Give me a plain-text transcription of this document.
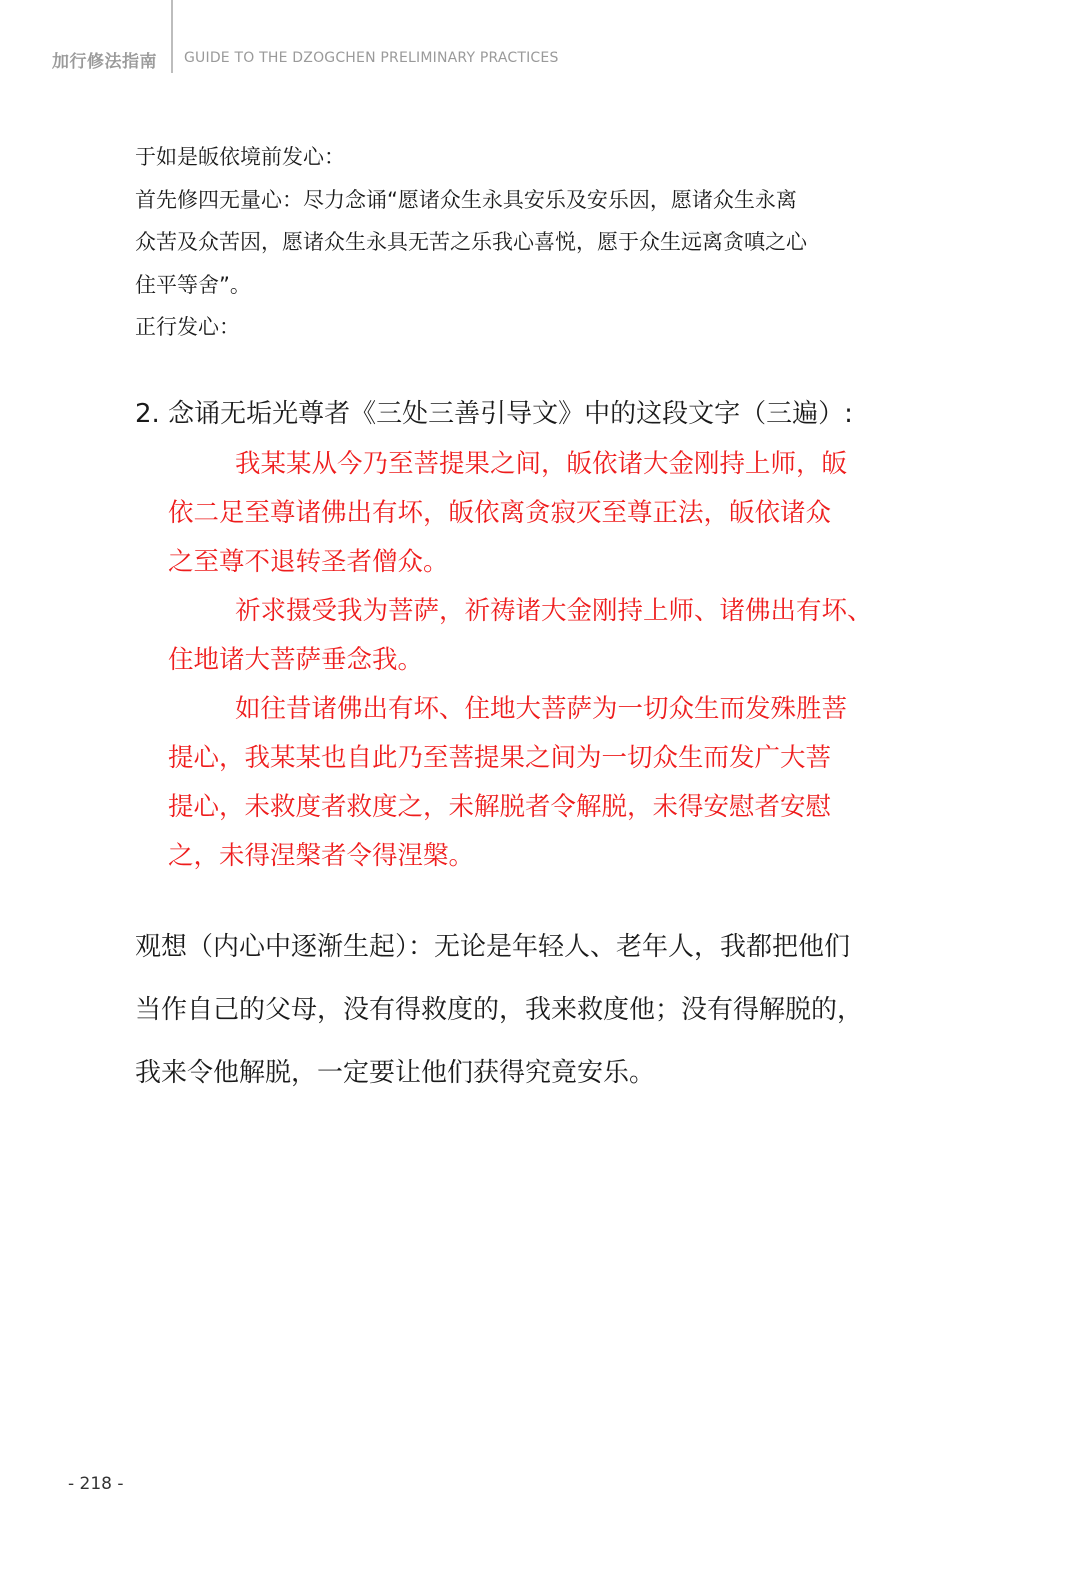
加行修法指南 GUIDE TO THE DZOGCHEN PRELIMINARY PRACTICES

于如是皈依境前发心：

首先修四无量心：尽力念诵“愿诸众生永具安乐及安乐因，愿诸众生永离

众苦及众苦因，愿诸众生永具无苦之乐我心喜悦，愿于众生远离贪嗔之心

住平等舍”。

正行发心：

2. 念诵无垢光尊者《三处三善引导文》中的这段文字（三遍）:

我某某从今乃至菩提果之间，皈依诸大金刚持上师，皈

依二足至尊诸佛出有坏，皈依离贪寂灭至尊正法，皈依诸众

之至尊不退转圣者僧众。

祈求摄受我为菩萨，祈祷诸大金刚持上师、诸佛出有坏、

住地诸大菩萨垂念我。

如往昔诸佛出有坏、住地大菩萨为一切众生而发殊胜菩

提心，我某某也自此乃至菩提果之间为一切众生而发广大菩

提心，未救度者救度之，未解脱者令解脱，未得安慰者安慰

之，未得涅槃者令得涅槃。

观想（内心中逐渐生起）：无论是年轻人、老年人，我都把他们

当作自己的父母，没有得救度的，我来救度他；没有得解脱的，

我来令他解脱，一定要让他们获得究竟安乐。

- 218 -
